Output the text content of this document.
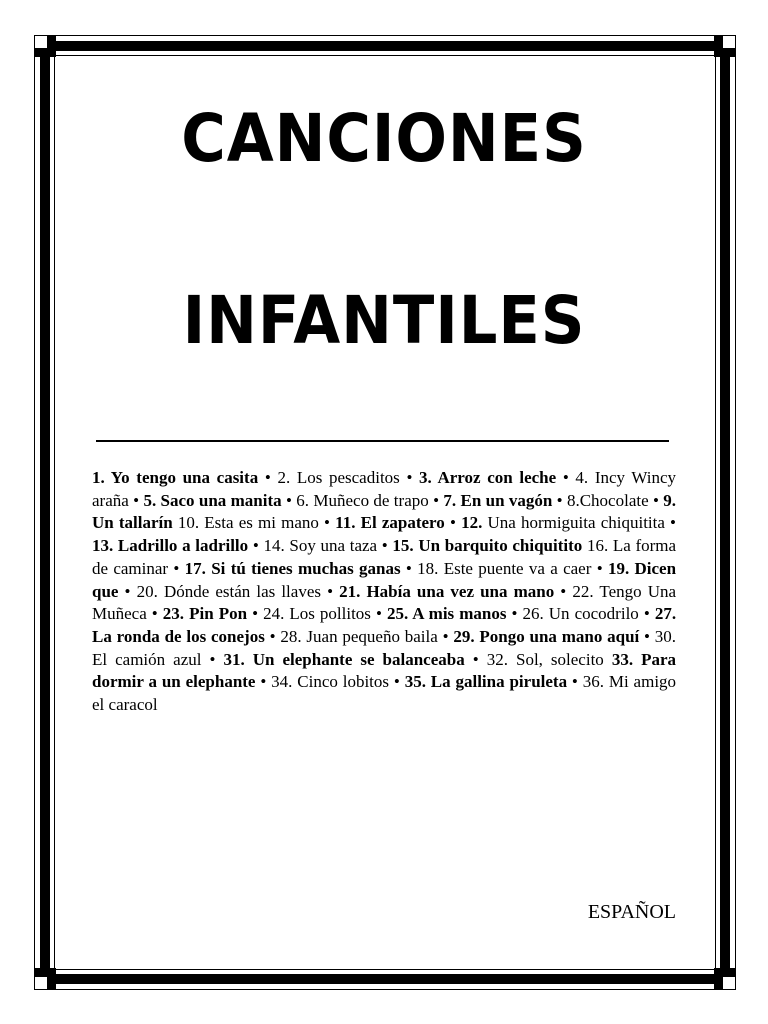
CANCIONES
INFANTILES
1. Yo tengo una casita • 2. Los pescaditos • 3. Arroz con leche • 4. Incy Wincy araña • 5. Saco una manita • 6. Muñeco de trapo • 7. En un vagón • 8.Chocolate • 9. Un tallarín 10. Esta es mi mano • 11. El zapatero • 12. Una hormiguita chiquitita • 13. Ladrillo a ladrillo • 14. Soy una taza • 15. Un barquito chiquitito 16. La forma de caminar • 17. Si tú tienes muchas ganas • 18. Este puente va a caer • 19. Dicen que • 20. Dónde están las llaves • 21. Había una vez una mano • 22. Tengo Una Muñeca • 23. Pin Pon • 24. Los pollitos • 25. A mis manos • 26. Un cocodrilo • 27. La ronda de los conejos • 28. Juan pequeño baila • 29. Pongo una mano aquí • 30. El camión azul • 31. Un elephante se balanceaba • 32. Sol, solecito 33. Para dormir a un elephante • 34. Cinco lobitos • 35. La gallina piruleta • 36. Mi amigo el caracol
ESPAÑOL
